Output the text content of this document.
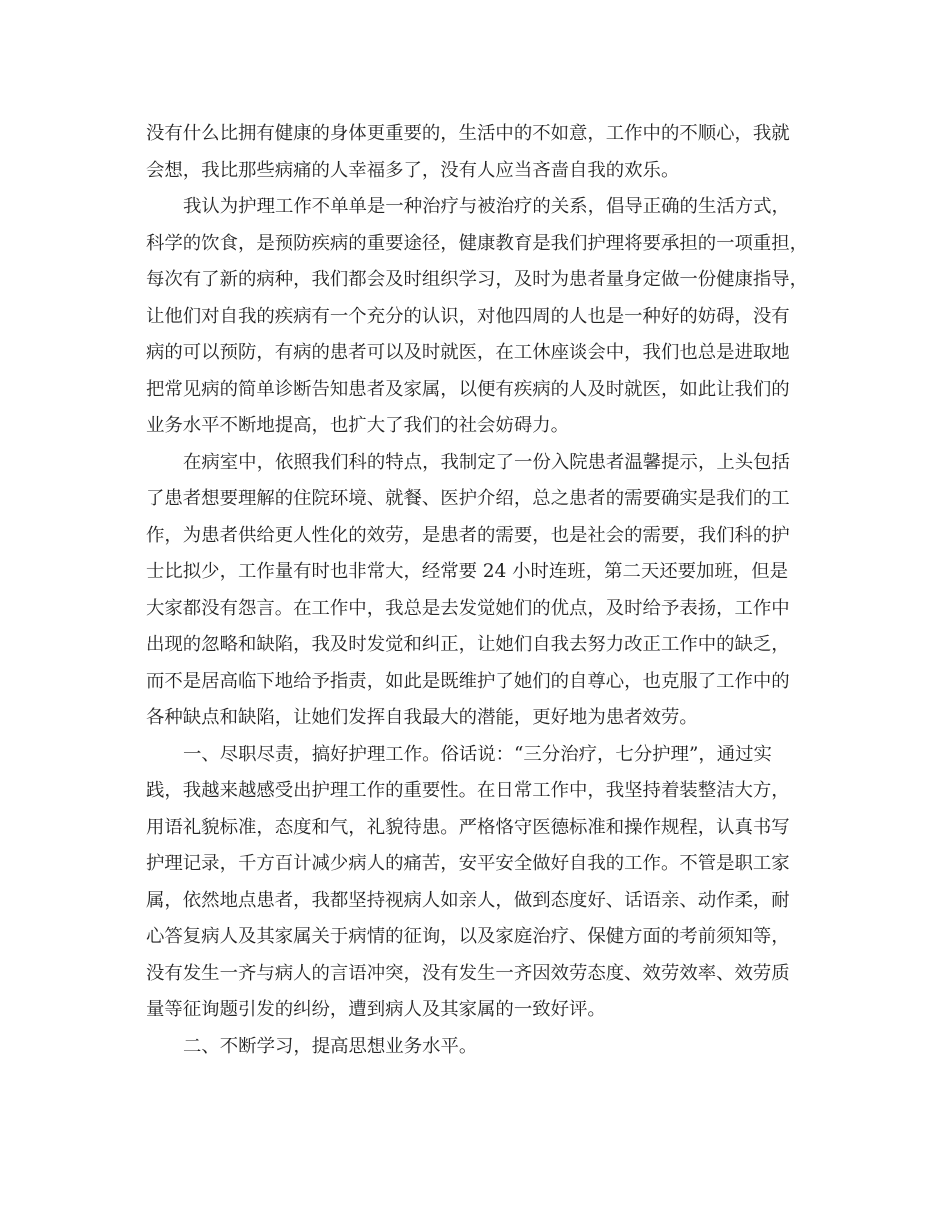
没有什么比拥有健康的身体更重要的，生活中的不如意，工作中的不顺心，我就
会想，我比那些病痛的人幸福多了，没有人应当吝啬自我的欢乐。
我认为护理工作不单单是一种治疗与被治疗的关系，倡导正确的生活方式，
科学的饮食，是预防疾病的重要途径，健康教育是我们护理将要承担的一项重担，
每次有了新的病种，我们都会及时组织学习，及时为患者量身定做一份健康指导，
让他们对自我的疾病有一个充分的认识，对他四周的人也是一种好的妨碍，没有
病的可以预防，有病的患者可以及时就医，在工休座谈会中，我们也总是进取地
把常见病的简单诊断告知患者及家属，以便有疾病的人及时就医，如此让我们的
业务水平不断地提高，也扩大了我们的社会妨碍力。
在病室中，依照我们科的特点，我制定了一份入院患者温馨提示，上头包括
了患者想要理解的住院环境、就餐、医护介绍，总之患者的需要确实是我们的工
作，为患者供给更人性化的效劳，是患者的需要，也是社会的需要，我们科的护
士比拟少，工作量有时也非常大，经常要 24 小时连班，第二天还要加班，但是
大家都没有怨言。在工作中，我总是去发觉她们的优点，及时给予表扬，工作中
出现的忽略和缺陷，我及时发觉和纠正，让她们自我去努力改正工作中的缺乏，
而不是居高临下地给予指责，如此是既维护了她们的自尊心，也克服了工作中的
各种缺点和缺陷，让她们发挥自我最大的潜能，更好地为患者效劳。
一、尽职尽责，搞好护理工作。俗话说：“三分治疗，七分护理”，通过实
践，我越来越感受出护理工作的重要性。在日常工作中，我坚持着装整洁大方，
用语礼貌标准，态度和气，礼貌待患。严格恪守医德标准和操作规程，认真书写
护理记录，千方百计减少病人的痛苦，安平安全做好自我的工作。不管是职工家
属，依然地点患者，我都坚持视病人如亲人，做到态度好、话语亲、动作柔，耐
心答复病人及其家属关于病情的征询，以及家庭治疗、保健方面的考前须知等，
没有发生一齐与病人的言语冲突，没有发生一齐因效劳态度、效劳效率、效劳质
量等征询题引发的纠纷，遭到病人及其家属的一致好评。
二、不断学习，提高思想业务水平。
